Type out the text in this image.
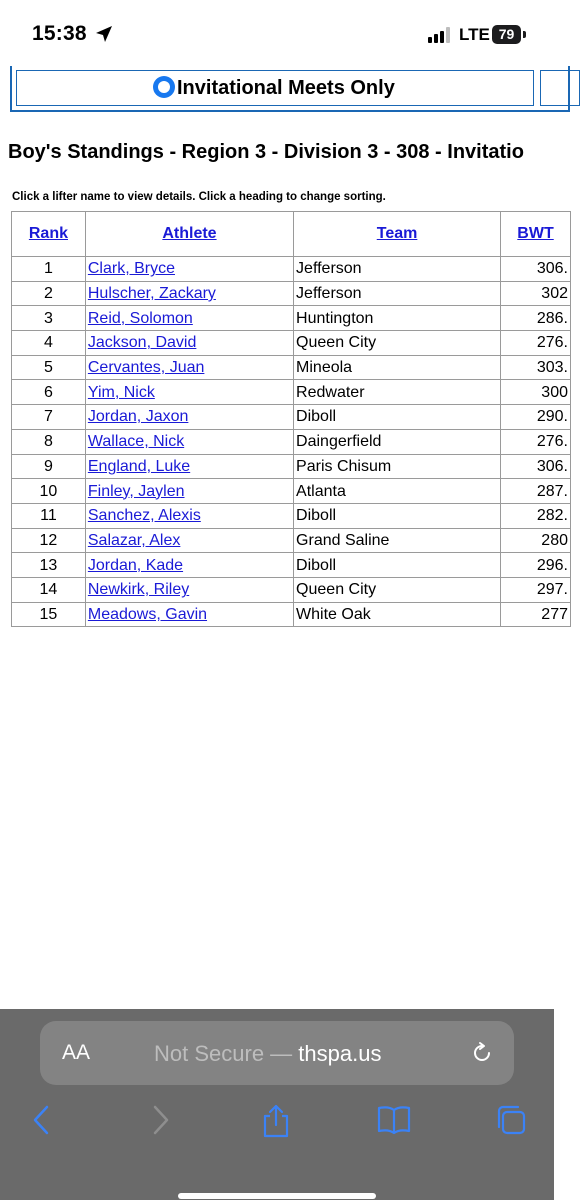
15:38	LTE 79
Invitational Meets Only
Boy's Standings - Region 3 - Division 3 - 308 - Invitatio
Click a lifter name to view details. Click a heading to change sorting.
Rank	Athlete	Team	BWT
1	Clark, Bryce	Jefferson	306.
2	Hulscher, Zackary	Jefferson	302
3	Reid, Solomon	Huntington	286.
4	Jackson, David	Queen City	276.
5	Cervantes, Juan	Mineola	303.
6	Yim, Nick	Redwater	300
7	Jordan, Jaxon	Diboll	290.
8	Wallace, Nick	Daingerfield	276.
9	England, Luke	Paris Chisum	306.
10	Finley, Jaylen	Atlanta	287.
11	Sanchez, Alexis	Diboll	282.
12	Salazar, Alex	Grand Saline	280
13	Jordan, Kade	Diboll	296.
14	Newkirk, Riley	Queen City	297.
15	Meadows, Gavin	White Oak	277
AA	Not Secure — thspa.us
